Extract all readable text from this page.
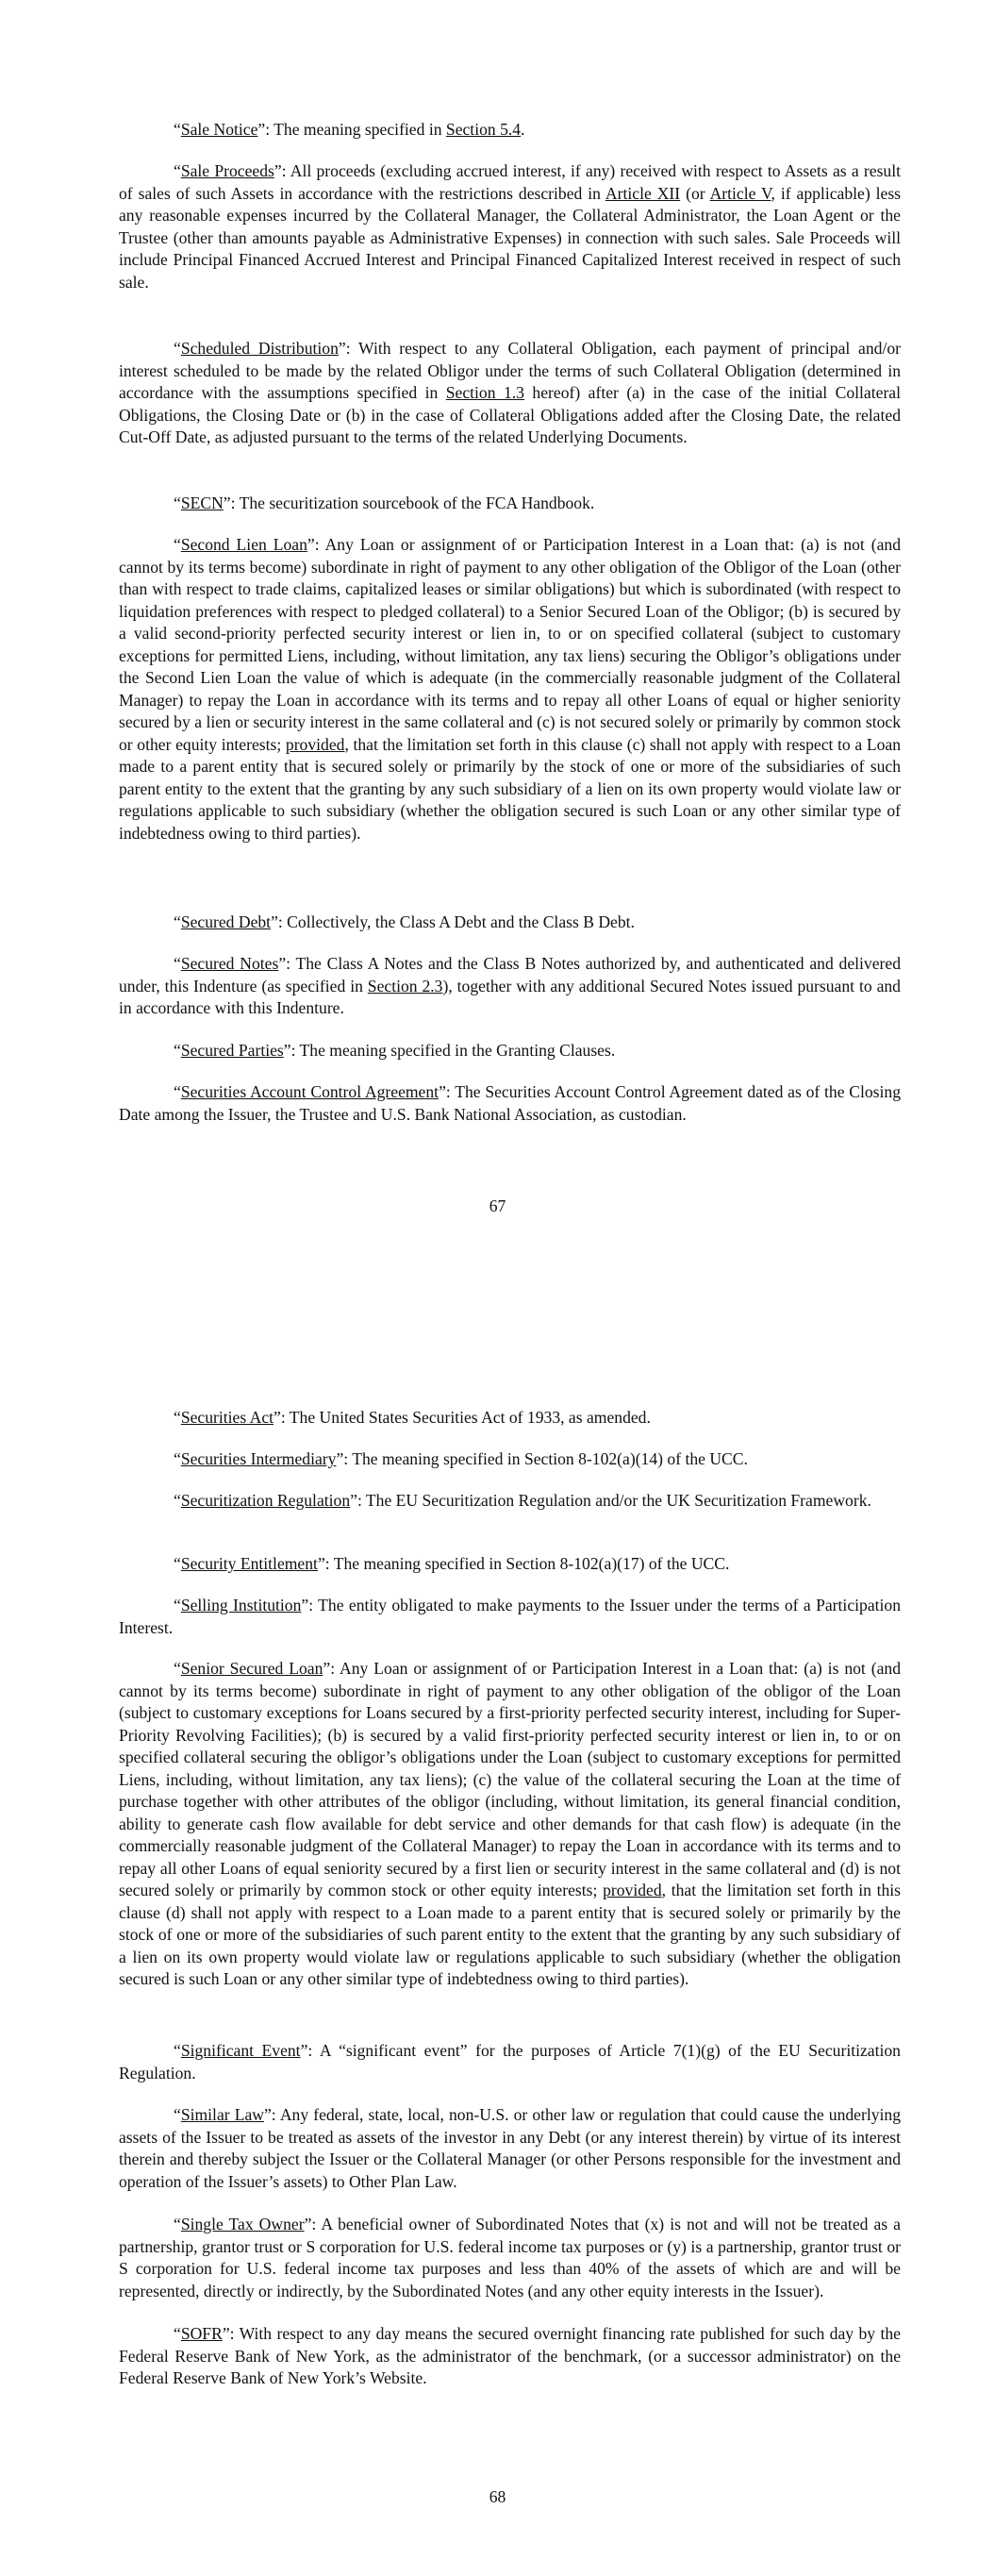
“Sale Notice”: The meaning specified in Section 5.4.

“Sale Proceeds”: All proceeds (excluding accrued interest, if any) received with respect to Assets as a result of sales of such Assets in accordance with the restrictions described in Article XII (or Article V, if applicable) less any reasonable expenses incurred by the Collateral Manager, the Collateral Administrator, the Loan Agent or the Trustee (other than amounts payable as Administrative Expenses) in connection with such sales. Sale Proceeds will include Principal Financed Accrued Interest and Principal Financed Capitalized Interest received in respect of such sale.

“Scheduled Distribution”: With respect to any Collateral Obligation, each payment of principal and/or interest scheduled to be made by the related Obligor under the terms of such Collateral Obligation (determined in accordance with the assumptions specified in Section 1.3 hereof) after (a) in the case of the initial Collateral Obligations, the Closing Date or (b) in the case of Collateral Obligations added after the Closing Date, the related Cut-Off Date, as adjusted pursuant to the terms of the related Underlying Documents.

“SECN”: The securitization sourcebook of the FCA Handbook.

“Second Lien Loan”: Any Loan or assignment of or Participation Interest in a Loan that: (a) is not (and cannot by its terms become) subordinate in right of payment to any other obligation of the Obligor of the Loan (other than with respect to trade claims, capitalized leases or similar obligations) but which is subordinated (with respect to liquidation preferences with respect to pledged collateral) to a Senior Secured Loan of the Obligor; (b) is secured by a valid second-priority perfected security interest or lien in, to or on specified collateral (subject to customary exceptions for permitted Liens, including, without limitation, any tax liens) securing the Obligor’s obligations under the Second Lien Loan the value of which is adequate (in the commercially reasonable judgment of the Collateral Manager) to repay the Loan in accordance with its terms and to repay all other Loans of equal or higher seniority secured by a lien or security interest in the same collateral and (c) is not secured solely or primarily by common stock or other equity interests; provided, that the limitation set forth in this clause (c) shall not apply with respect to a Loan made to a parent entity that is secured solely or primarily by the stock of one or more of the subsidiaries of such parent entity to the extent that the granting by any such subsidiary of a lien on its own property would violate law or regulations applicable to such subsidiary (whether the obligation secured is such Loan or any other similar type of indebtedness owing to third parties).

“Secured Debt”: Collectively, the Class A Debt and the Class B Debt.

“Secured Notes”: The Class A Notes and the Class B Notes authorized by, and authenticated and delivered under, this Indenture (as specified in Section 2.3), together with any additional Secured Notes issued pursuant to and in accordance with this Indenture.

“Secured Parties”: The meaning specified in the Granting Clauses.

“Securities Account Control Agreement”: The Securities Account Control Agreement dated as of the Closing Date among the Issuer, the Trustee and U.S. Bank National Association, as custodian.

67

“Securities Act”: The United States Securities Act of 1933, as amended.

“Securities Intermediary”: The meaning specified in Section 8-102(a)(14) of the UCC.

“Securitization Regulation”: The EU Securitization Regulation and/or the UK Securitization Framework.

“Security Entitlement”: The meaning specified in Section 8-102(a)(17) of the UCC.

“Selling Institution”: The entity obligated to make payments to the Issuer under the terms of a Participation Interest.

“Senior Secured Loan”: Any Loan or assignment of or Participation Interest in a Loan that: (a) is not (and cannot by its terms become) subordinate in right of payment to any other obligation of the obligor of the Loan (subject to customary exceptions for Loans secured by a first-priority perfected security interest, including for Super-Priority Revolving Facilities); (b) is secured by a valid first-priority perfected security interest or lien in, to or on specified collateral securing the obligor’s obligations under the Loan (subject to customary exceptions for permitted Liens, including, without limitation, any tax liens); (c) the value of the collateral securing the Loan at the time of purchase together with other attributes of the obligor (including, without limitation, its general financial condition, ability to generate cash flow available for debt service and other demands for that cash flow) is adequate (in the commercially reasonable judgment of the Collateral Manager) to repay the Loan in accordance with its terms and to repay all other Loans of equal seniority secured by a first lien or security interest in the same collateral and (d) is not secured solely or primarily by common stock or other equity interests; provided, that the limitation set forth in this clause (d) shall not apply with respect to a Loan made to a parent entity that is secured solely or primarily by the stock of one or more of the subsidiaries of such parent entity to the extent that the granting by any such subsidiary of a lien on its own property would violate law or regulations applicable to such subsidiary (whether the obligation secured is such Loan or any other similar type of indebtedness owing to third parties).

“Significant Event”: A “significant event” for the purposes of Article 7(1)(g) of the EU Securitization Regulation.

“Similar Law”: Any federal, state, local, non-U.S. or other law or regulation that could cause the underlying assets of the Issuer to be treated as assets of the investor in any Debt (or any interest therein) by virtue of its interest therein and thereby subject the Issuer or the Collateral Manager (or other Persons responsible for the investment and operation of the Issuer’s assets) to Other Plan Law.

“Single Tax Owner”: A beneficial owner of Subordinated Notes that (x) is not and will not be treated as a partnership, grantor trust or S corporation for U.S. federal income tax purposes or (y) is a partnership, grantor trust or S corporation for U.S. federal income tax purposes and less than 40% of the assets of which are and will be represented, directly or indirectly, by the Subordinated Notes (and any other equity interests in the Issuer).

“SOFR”: With respect to any day means the secured overnight financing rate published for such day by the Federal Reserve Bank of New York, as the administrator of the benchmark, (or a successor administrator) on the Federal Reserve Bank of New York’s Website.

68
